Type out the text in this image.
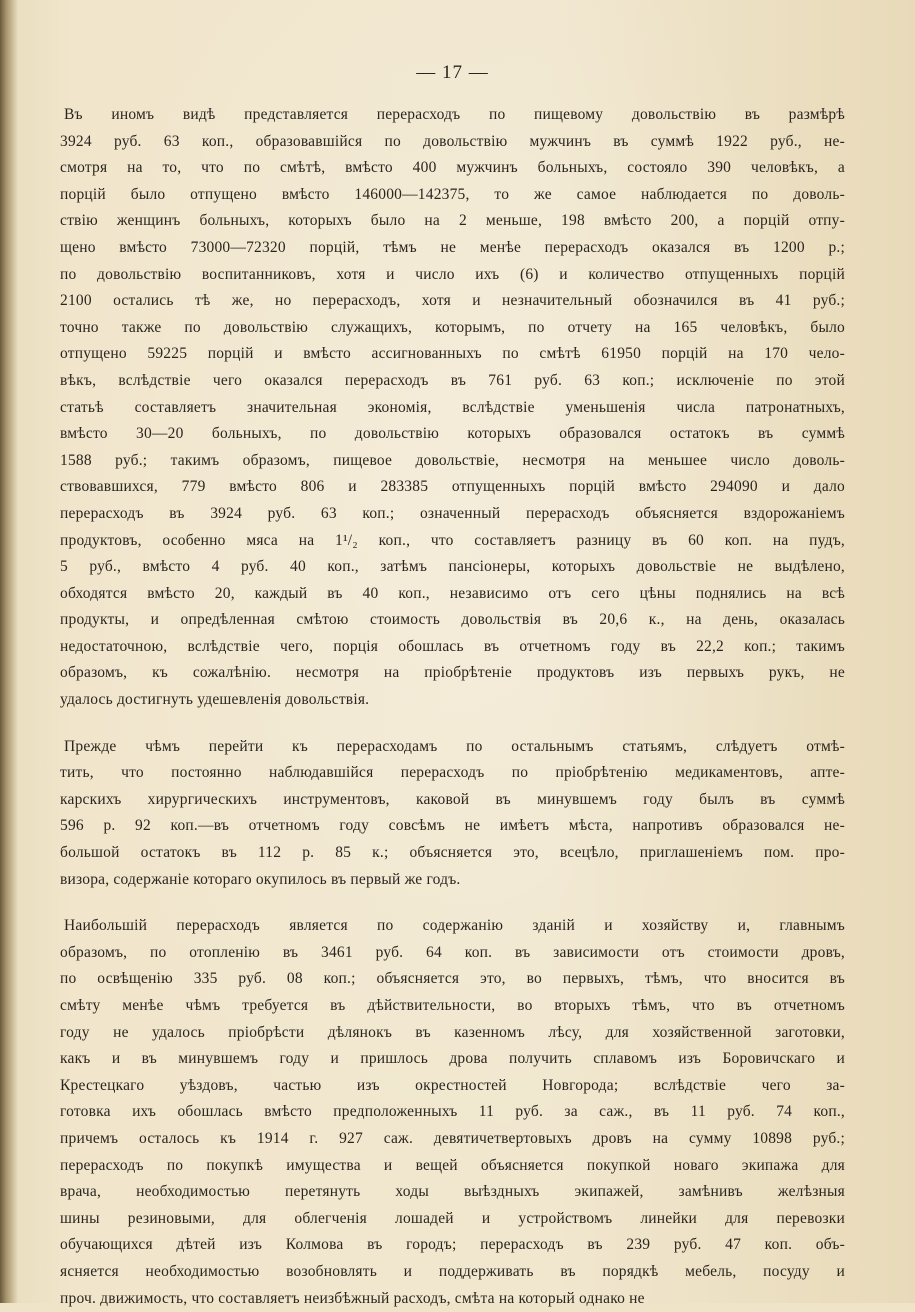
— 17 —
Въ иномъ видѣ представляется перерасходъ по пищевому довольствію въ размѣрѣ
3924 руб. 63 коп., образовавшійся по довольствію мужчинъ въ суммѣ 1922 руб., не-
смотря на то, что по смѣтѣ, вмѣсто 400 мужчинъ больныхъ, состояло 390 человѣкъ, а
порцій было отпущено вмѣсто 146000—142375, то же самое наблюдается по доволь-
ствію женщинъ больныхъ, которыхъ было на 2 меньше, 198 вмѣсто 200, а порцій отпу-
щено вмѣсто 73000—72320 порцій, тѣмъ не менѣе перерасходъ оказался въ 1200 р.;
по довольствію воспитанниковъ, хотя и число ихъ (6) и количество отпущенныхъ порцій
2100 остались тѣ же, но перерасходъ, хотя и незначительный обозначился въ 41 руб.;
точно также по довольствію служащихъ, которымъ, по отчету на 165 человѣкъ, было
отпущено 59225 порцій и вмѣсто ассигнованныхъ по смѣтѣ 61950 порцій на 170 чело-
вѣкъ, вслѣдствіе чего оказался перерасходъ въ 761 руб. 63 коп.; исключеніе по этой
статьѣ составляетъ значительная экономія, вслѣдствіе уменьшенія числа патронатныхъ,
вмѣсто 30—20 больныхъ, по довольствію которыхъ образовался остатокъ въ суммѣ
1588 руб.; такимъ образомъ, пищевое довольствіе, несмотря на меньшее число доволь-
ствовавшихся, 779 вмѣсто 806 и 283385 отпущенныхъ порцій вмѣсто 294090 и дало
перерасходъ въ 3924 руб. 63 коп.; означенный перерасходъ объясняется вздорожаніемъ
продуктовъ, особенно мяса на 1¹/₂ коп., что составляетъ разницу въ 60 коп. на пудъ,
5 руб., вмѣсто 4 руб. 40 коп., затѣмъ пансіонеры, которыхъ довольствіе не выдѣлено,
обходятся вмѣсто 20, каждый въ 40 коп., независимо отъ сего цѣны поднялись на всѣ
продукты, и опредѣленная смѣтою стоимость довольствія въ 20,6 к., на день, оказалась
недостаточною, вслѣдствіе чего, порція обошлась въ отчетномъ году въ 22,2 коп.; такимъ
образомъ, къ сожалѣнію. несмотря на пріобрѣтеніе продуктовъ изъ первыхъ рукъ, не
удалось достигнуть удешевленія довольствія.
Прежде чѣмъ перейти къ перерасходамъ по остальнымъ статьямъ, слѣдуетъ отмѣ-
тить, что постоянно наблюдавшійся перерасходъ по пріобрѣтенію медикаментовъ, апте-
карскихъ хирургическихъ инструментовъ, каковой въ минувшемъ году былъ въ суммѣ
596 р. 92 коп.—въ отчетномъ году совсѣмъ не имѣетъ мѣста, напротивъ образовался не-
большой остатокъ въ 112 р. 85 к.; объясняется это, всецѣло, приглашеніемъ пом. про-
визора, содержаніе котораго окупилось въ первый же годъ.
Наибольшій перерасходъ является по содержанію зданій и хозяйству и, главнымъ
образомъ, по отопленію въ 3461 руб. 64 коп. въ зависимости отъ стоимости дровъ,
по освѣщенію 335 руб. 08 коп.; объясняется это, во первыхъ, тѣмъ, что вносится въ
смѣту менѣе чѣмъ требуется въ дѣйствительности, во вторыхъ тѣмъ, что въ отчетномъ
году не удалось пріобрѣсти дѣлянокъ въ казенномъ лѣсу, для хозяйственной заготовки,
какъ и въ минувшемъ году и пришлось дрова получить сплавомъ изъ Боровичскаго и
Крестецкаго уѣздовъ, частью изъ окрестностей Новгорода; вслѣдствіе чего за-
готовка ихъ обошлась вмѣсто предположенныхъ 11 руб. за саж., въ 11 руб. 74 коп.,
причемъ осталось къ 1914 г. 927 саж. девятичетвертовыхъ дровъ на сумму 10898 руб.;
перерасходъ по покупкѣ имущества и вещей объясняется покупкой новаго экипажа для
врача, необходимостью перетянуть ходы выѣздныхъ экипажей, замѣнивъ желѣзныя
шины резиновыми, для облегченія лошадей и устройствомъ линейки для перевозки
обучающихся дѣтей изъ Колмова въ городъ; перерасходъ въ 239 руб. 47 коп. объ-
ясняется необходимостью возобновлять и поддерживать въ порядкѣ мебель, посуду и
проч. движимость, что составляетъ неизбѣжный расходъ, смѣта на который однако не
